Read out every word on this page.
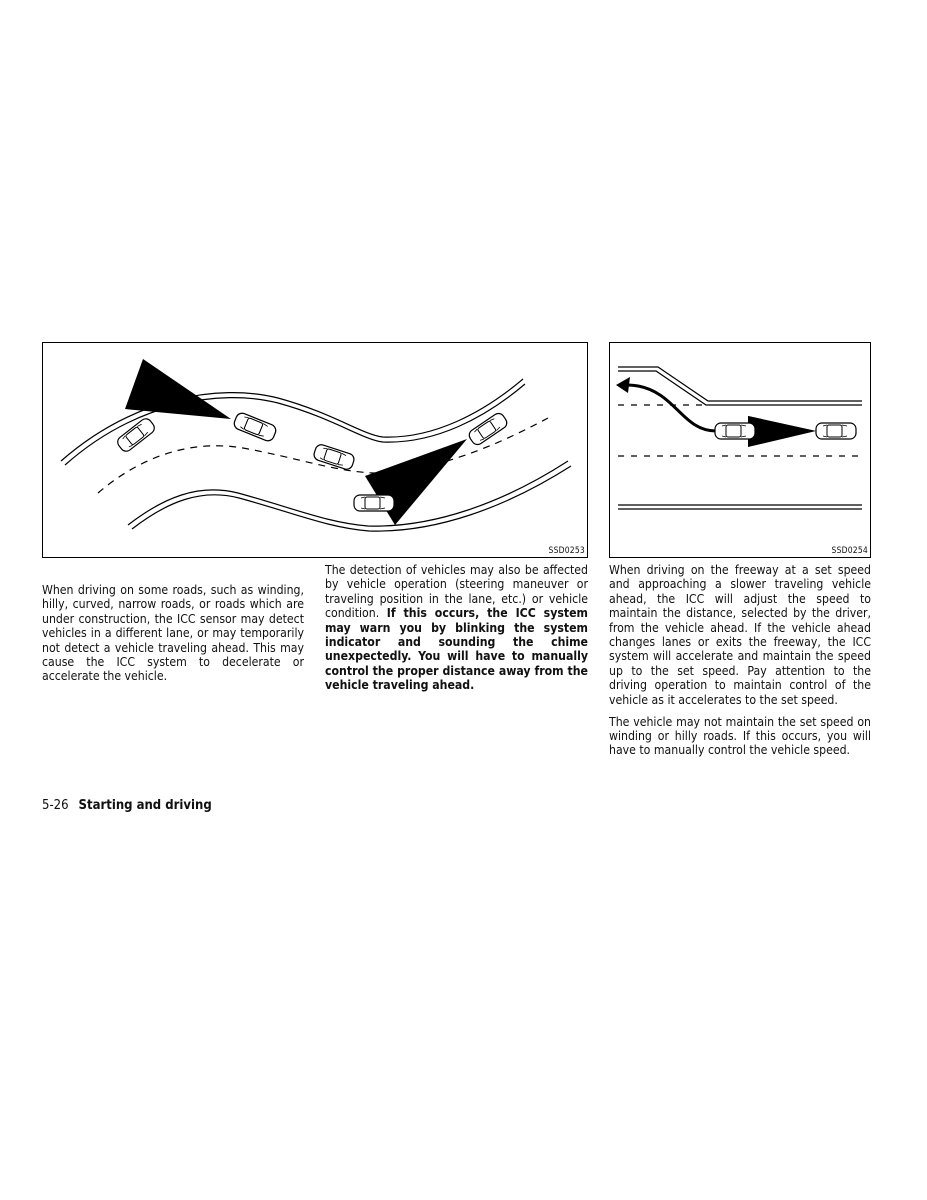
SSD0253	SSD0254

When driving on some roads, such as winding, hilly, curved, narrow roads, or roads which are under construction, the ICC sensor may detect vehicles in a different lane, or may temporarily not detect a vehicle traveling ahead. This may cause the ICC system to decelerate or accelerate the vehicle.

The detection of vehicles may also be affected by vehicle operation (steering maneuver or traveling position in the lane, etc.) or vehicle condition. If this occurs, the ICC system may warn you by blinking the system indicator and sounding the chime unexpectedly. You will have to manually control the proper distance away from the vehicle traveling ahead.

When driving on the freeway at a set speed and approaching a slower traveling vehicle ahead, the ICC will adjust the speed to maintain the distance, selected by the driver, from the vehicle ahead. If the vehicle ahead changes lanes or exits the freeway, the ICC system will accelerate and maintain the speed up to the set speed. Pay attention to the driving operation to maintain control of the vehicle as it accelerates to the set speed.

The vehicle may not maintain the set speed on winding or hilly roads. If this occurs, you will have to manually control the vehicle speed.

5-26 Starting and driving
